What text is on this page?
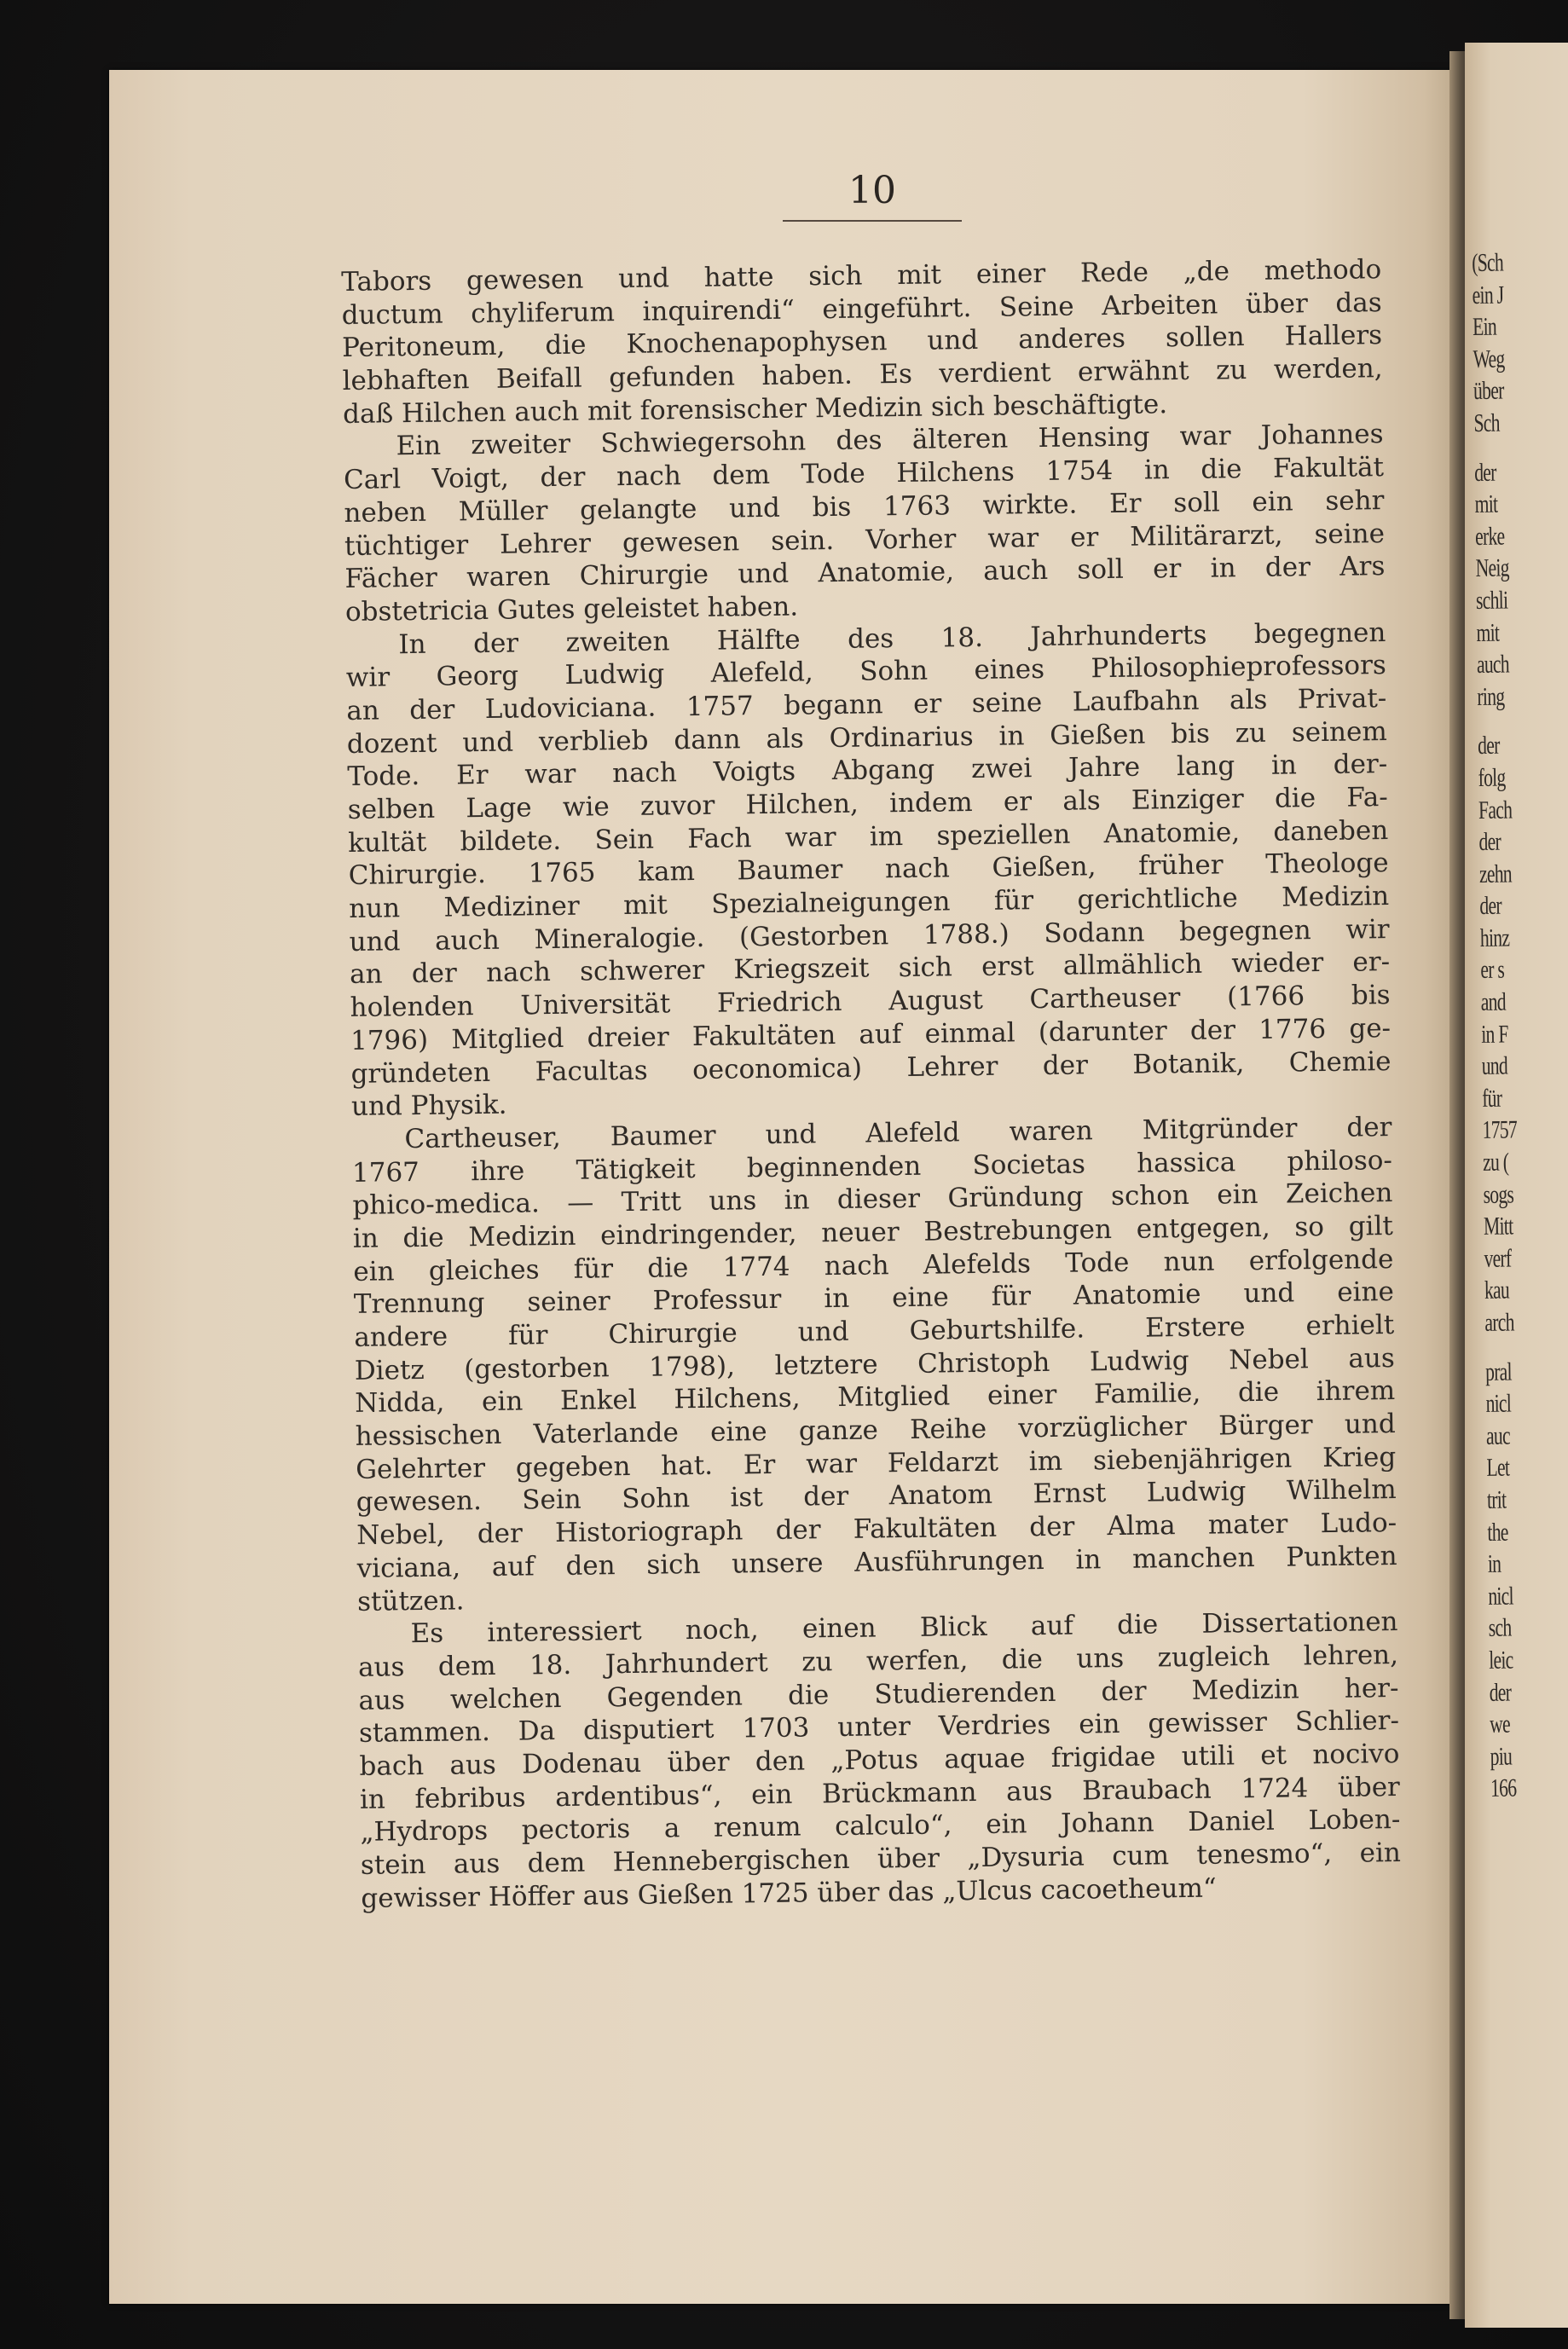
(Sch
ein J
Ein
Weg
über
Sch
der
mit
erke
Neig
schli
mit
auch
ring
der
folg
Fach
der
zehn
der
hinz
er s
and
in F
und
für
1757
zu (
sogs
Mitt
verf
kau
arch
pral
nicl
auc
Let
trit
the
in
nicl
sch
leic
der
we
piu
166
10
Tabors gewesen und hatte sich mit einer Rede „de methodo
ductum chyliferum inquirendi“ eingeführt. Seine Arbeiten über das
Peritoneum, die Knochenapophysen und anderes sollen Hallers
lebhaften Beifall gefunden haben. Es verdient erwähnt zu werden,
daß Hilchen auch mit forensischer Medizin sich beschäftigte.
Ein zweiter Schwiegersohn des älteren Hensing war Johannes
Carl Voigt, der nach dem Tode Hilchens 1754 in die Fakultät
neben Müller gelangte und bis 1763 wirkte. Er soll ein sehr
tüchtiger Lehrer gewesen sein. Vorher war er Militärarzt, seine
Fächer waren Chirurgie und Anatomie, auch soll er in der Ars
obstetricia Gutes geleistet haben.
In der zweiten Hälfte des 18. Jahrhunderts begegnen
wir Georg Ludwig Alefeld, Sohn eines Philosophieprofessors
an der Ludoviciana. 1757 begann er seine Laufbahn als Privat-
dozent und verblieb dann als Ordinarius in Gießen bis zu seinem
Tode. Er war nach Voigts Abgang zwei Jahre lang in der-
selben Lage wie zuvor Hilchen, indem er als Einziger die Fa-
kultät bildete. Sein Fach war im speziellen Anatomie, daneben
Chirurgie. 1765 kam Baumer nach Gießen, früher Theologe
nun Mediziner mit Spezialneigungen für gerichtliche Medizin
und auch Mineralogie. (Gestorben 1788.) Sodann begegnen wir
an der nach schwerer Kriegszeit sich erst allmählich wieder er-
holenden Universität Friedrich August Cartheuser (1766 bis
1796) Mitglied dreier Fakultäten auf einmal (darunter der 1776 ge-
gründeten Facultas oeconomica) Lehrer der Botanik, Chemie
und Physik.
Cartheuser, Baumer und Alefeld waren Mitgründer der
1767 ihre Tätigkeit beginnenden Societas hassica philoso-
phico-medica. — Tritt uns in dieser Gründung schon ein Zeichen
in die Medizin eindringender, neuer Bestrebungen entgegen, so gilt
ein gleiches für die 1774 nach Alefelds Tode nun erfolgende
Trennung seiner Professur in eine für Anatomie und eine
andere für Chirurgie und Geburtshilfe. Erstere erhielt
Dietz (gestorben 1798), letztere Christoph Ludwig Nebel aus
Nidda, ein Enkel Hilchens, Mitglied einer Familie, die ihrem
hessischen Vaterlande eine ganze Reihe vorzüglicher Bürger und
Gelehrter gegeben hat. Er war Feldarzt im siebenjährigen Krieg
gewesen. Sein Sohn ist der Anatom Ernst Ludwig Wilhelm
Nebel, der Historiograph der Fakultäten der Alma mater Ludo-
viciana, auf den sich unsere Ausführungen in manchen Punkten
stützen.
Es interessiert noch, einen Blick auf die Dissertationen
aus dem 18. Jahrhundert zu werfen, die uns zugleich lehren,
aus welchen Gegenden die Studierenden der Medizin her-
stammen. Da disputiert 1703 unter Verdries ein gewisser Schlier-
bach aus Dodenau über den „Potus aquae frigidae utili et nocivo
in febribus ardentibus“, ein Brückmann aus Braubach 1724 über
„Hydrops pectoris a renum calculo“, ein Johann Daniel Loben-
stein aus dem Hennebergischen über „Dysuria cum tenesmo“, ein
gewisser Höffer aus Gießen 1725 über das „Ulcus cacoetheum“
